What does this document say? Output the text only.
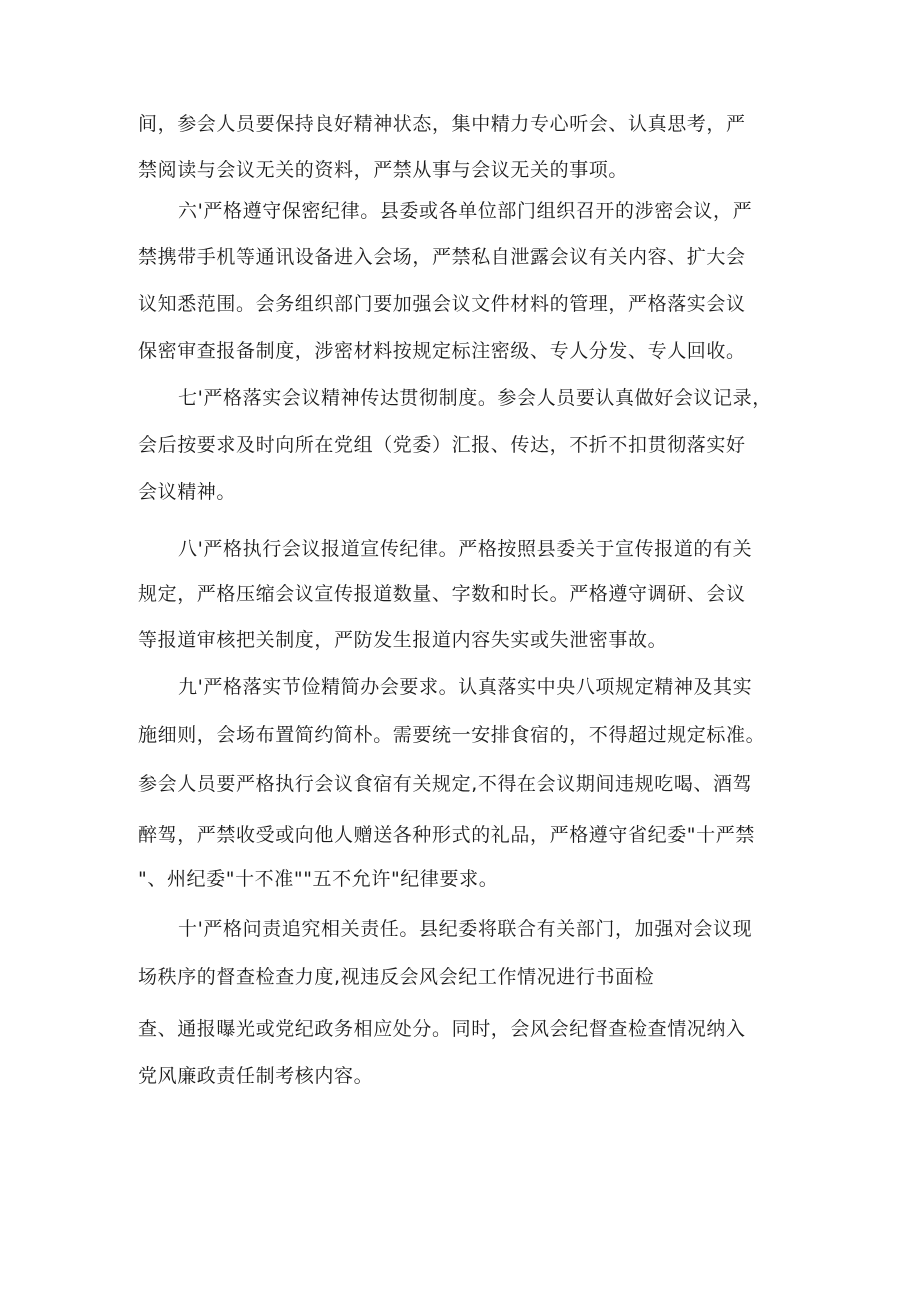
间，参会人员要保持良好精神状态，集中精力专心听会、认真思考，严
禁阅读与会议无关的资料，严禁从事与会议无关的事项。
六'严格遵守保密纪律。县委或各单位部门组织召开的涉密会议，严
禁携带手机等通讯设备进入会场，严禁私自泄露会议有关内容、扩大会
议知悉范围。会务组织部门要加强会议文件材料的管理，严格落实会议
保密审查报备制度，涉密材料按规定标注密级、专人分发、专人回收。
七'严格落实会议精神传达贯彻制度。参会人员要认真做好会议记录，
会后按要求及时向所在党组（党委）汇报、传达，不折不扣贯彻落实好
会议精神。
八'严格执行会议报道宣传纪律。严格按照县委关于宣传报道的有关
规定，严格压缩会议宣传报道数量、字数和时长。严格遵守调研、会议
等报道审核把关制度，严防发生报道内容失实或失泄密事故。
九'严格落实节俭精简办会要求。认真落实中央八项规定精神及其实
施细则，会场布置简约简朴。需要统一安排食宿的，不得超过规定标准。
参会人员要严格执行会议食宿有关规定,不得在会议期间违规吃喝、酒驾
醉驾，严禁收受或向他人赠送各种形式的礼品，严格遵守省纪委"十严禁
"、州纪委"十不准""五不允许"纪律要求。
十'严格问责追究相关责任。县纪委将联合有关部门，加强对会议现
场秩序的督查检查力度,视违反会风会纪工作情况进行书面检
查、通报曝光或党纪政务相应处分。同时，会风会纪督查检查情况纳入
党风廉政责任制考核内容。
